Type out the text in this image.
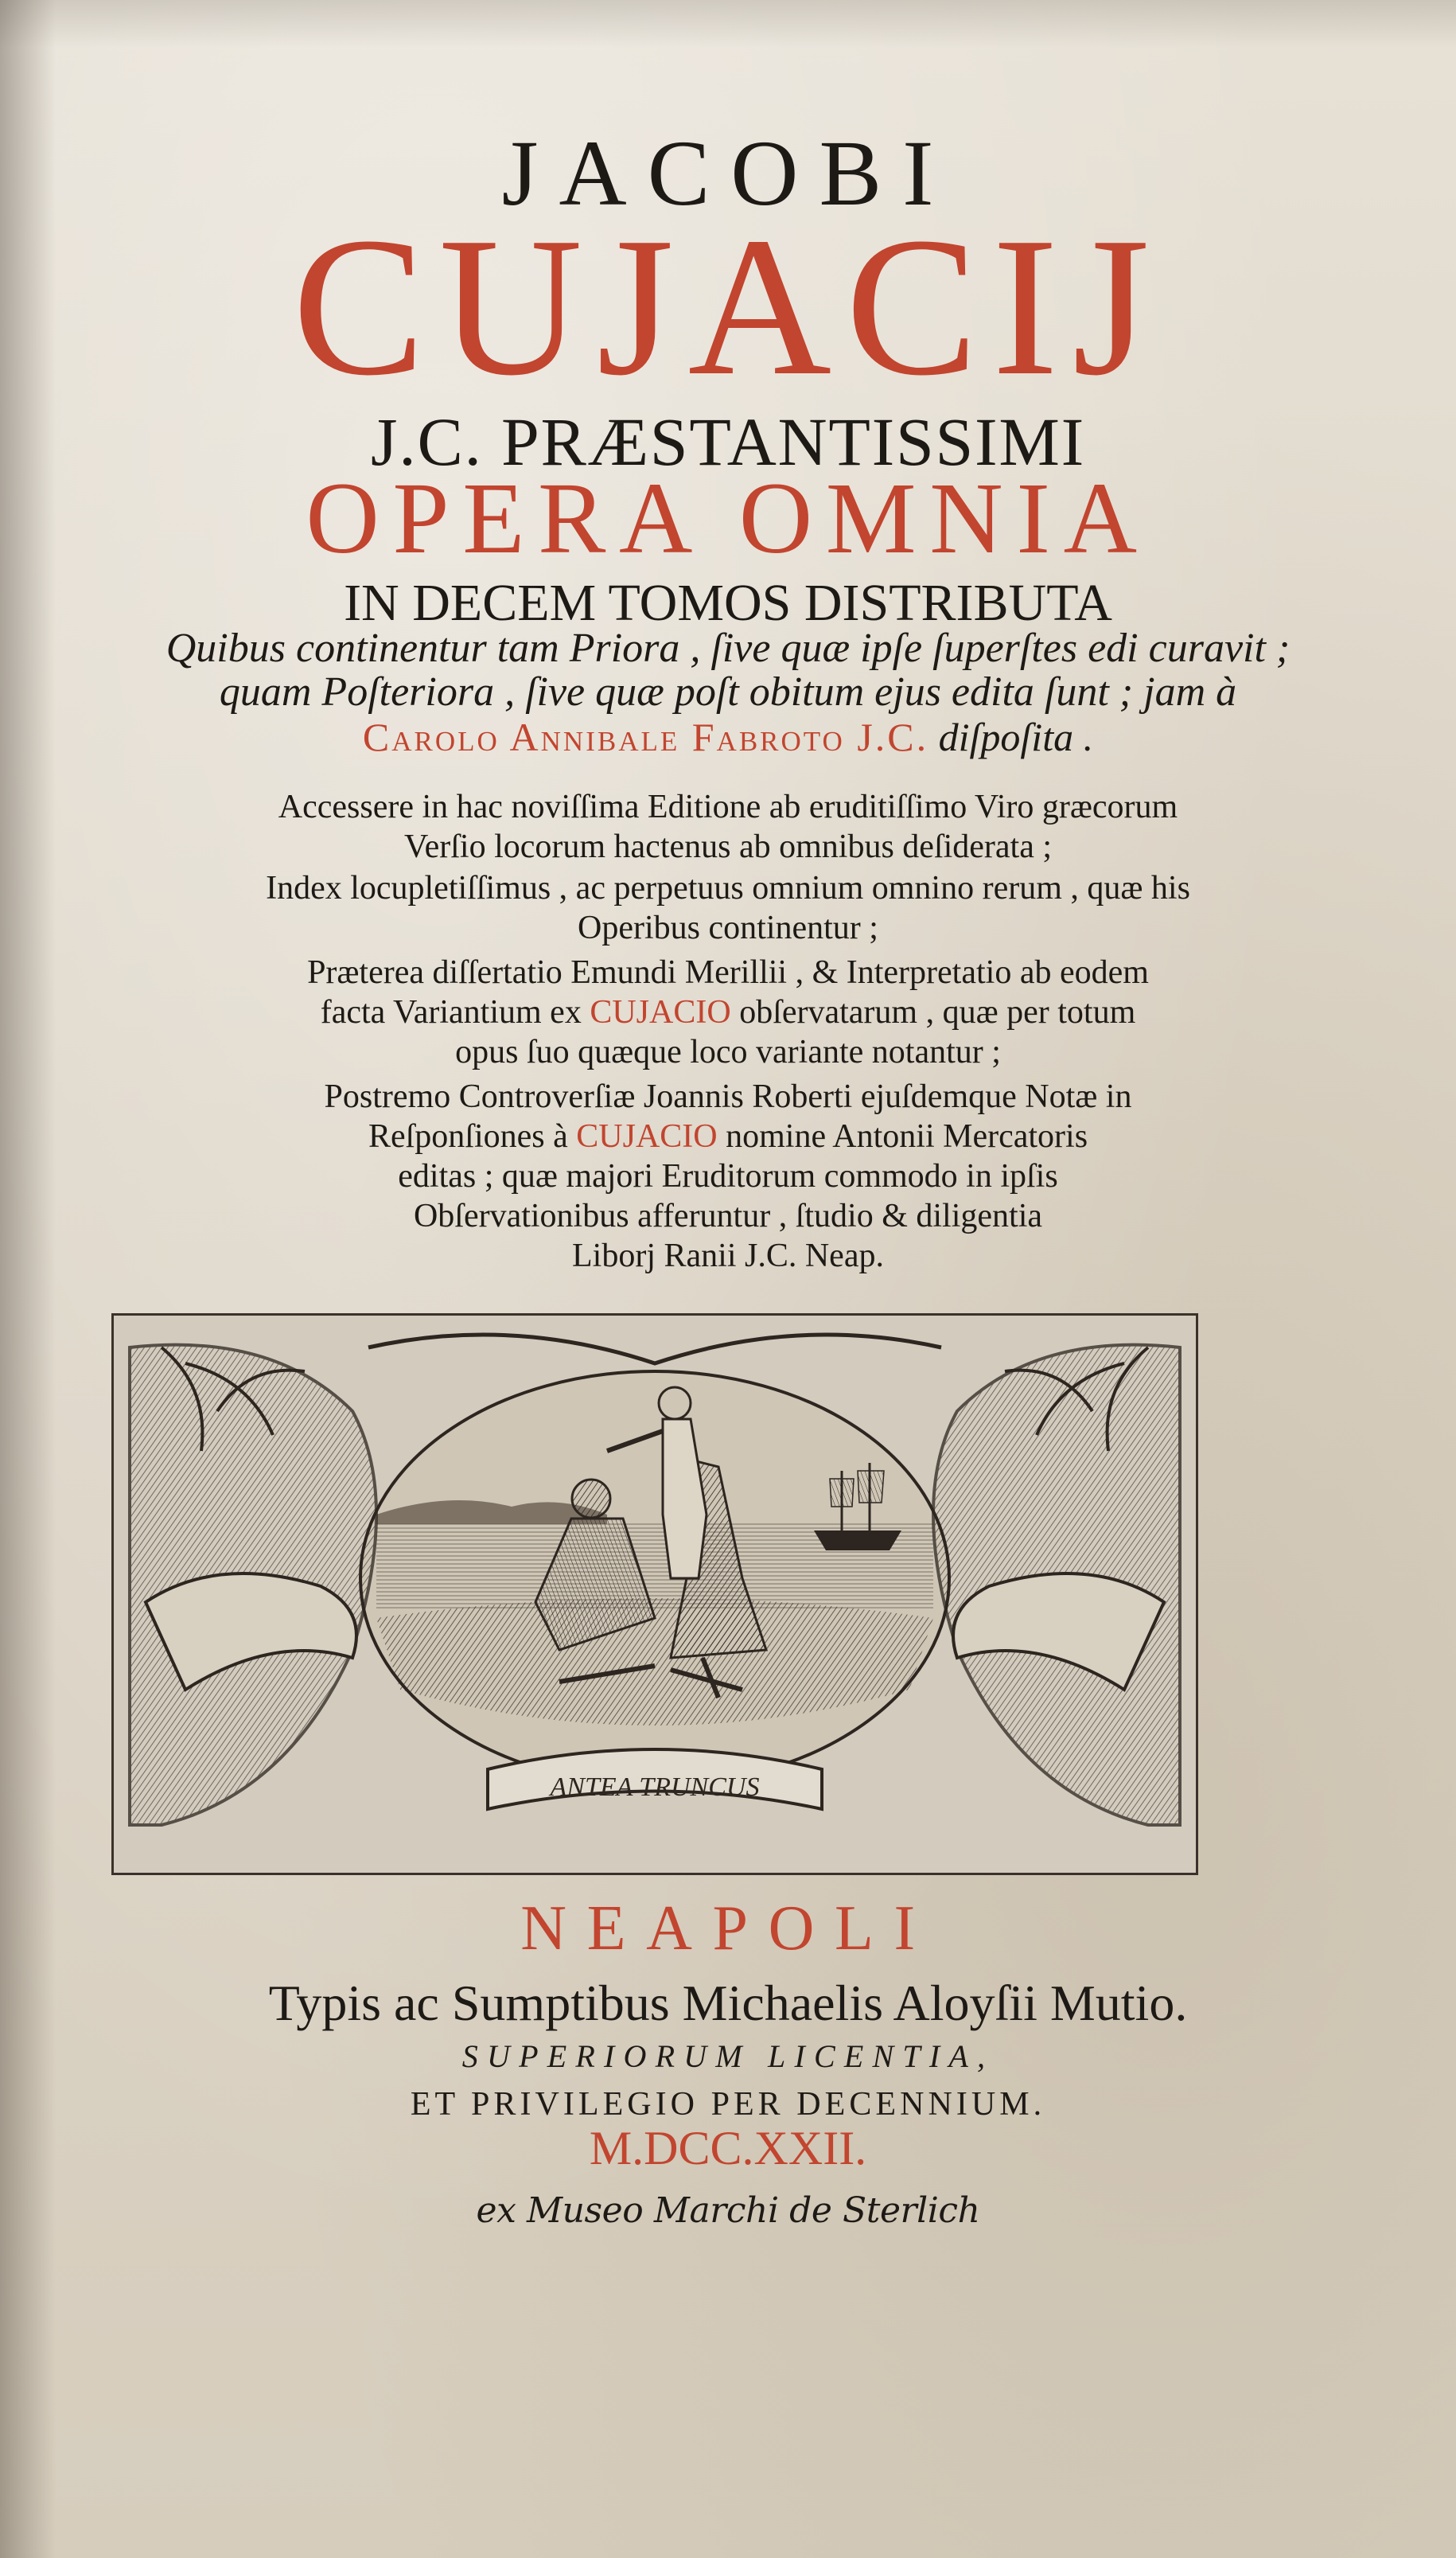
JACOBI
CUJACIJ
J.C. PRÆSTANTISSIMI
OPERA OMNIA
IN DECEM TOMOS DISTRIBUTA
Quibus continentur tam Priora , ſive quæ ipſe ſuperſtes edi curavit ;
quam Poſteriora , ſive quæ poſt obitum ejus edita ſunt ; jam à
Carolo Annibale Fabroto J.C. diſpoſita .
Accessere in hac noviſſima Editione ab eruditiſſimo Viro græcorum
Verſio locorum hactenus ab omnibus deſiderata ;
Index locupletiſſimus , ac perpetuus omnium omnino rerum , quæ his
Operibus continentur ;
Præterea diſſertatio Emundi Merillii , & Interpretatio ab eodem
facta Variantium ex CUJACIO obſervatarum , quæ per totum
opus ſuo quæque loco variante notantur ;
Postremo Controverſiæ Joannis Roberti ejuſdemque Notæ in
Reſponſiones à CUJACIO nomine Antonii Mercatoris
editas ; quæ majori Eruditorum commodo in ipſis
Obſervationibus afferuntur , ſtudio & diligentia
Liborj Ranii J.C. Neap.
ANTEA TRUNCUS
NEAPOLI
Typis ac Sumptibus Michaelis Aloyſii Mutio.
SUPERIORUM LICENTIA,
ET PRIVILEGIO PER DECENNIUM.
M.DCC.XXII.
ex Museo Marchi de Sterlich
